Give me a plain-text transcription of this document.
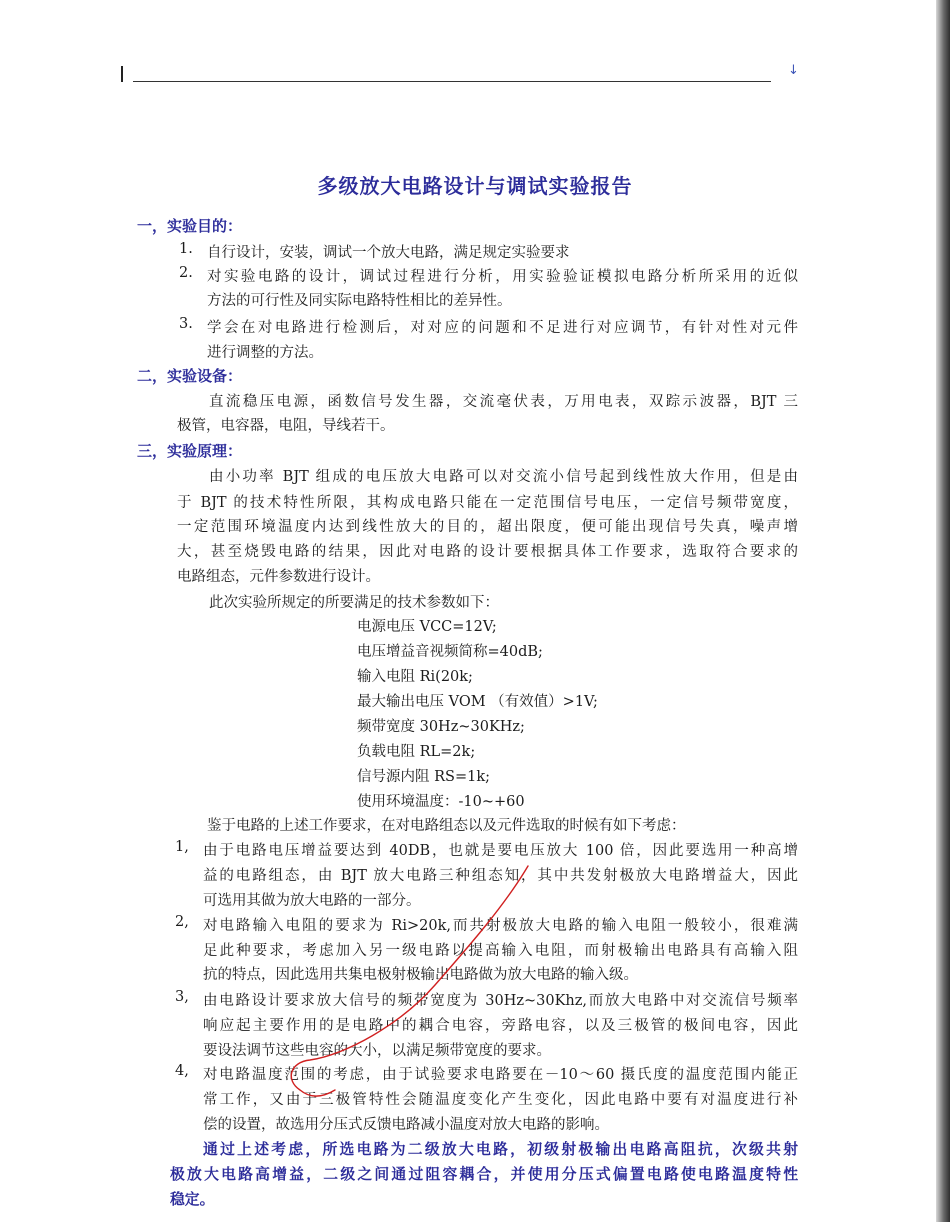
↓
多级放大电路设计与调试实验报告
一，实验目的：
1. 自行设计，安装，调试一个放大电路，满足规定实验要求
2. 对实验电路的设计，调试过程进行分析，用实验验证模拟电路分析所采用的近似
方法的可行性及同实际电路特性相比的差异性。
3. 学会在对电路进行检测后，对对应的问题和不足进行对应调节，有针对性对元件
进行调整的方法。
二，实验设备：
直流稳压电源，函数信号发生器，交流毫伏表，万用电表，双踪示波器，BJT 三
极管，电容器，电阻，导线若干。
三，实验原理：
由小功率 BJT 组成的电压放大电路可以对交流小信号起到线性放大作用，但是由
于 BJT 的技术特性所限，其构成电路只能在一定范围信号电压，一定信号频带宽度，
一定范围环境温度内达到线性放大的目的，超出限度，便可能出现信号失真，噪声增
大，甚至烧毁电路的结果，因此对电路的设计要根据具体工作要求，选取符合要求的
电路组态，元件参数进行设计。
此次实验所规定的所要满足的技术参数如下：
电源电压 VCC=12V;
电压增益音视频简称=40dB;
输入电阻 Ri(20k;
最大输出电压 VOM （有效值）>1V;
频带宽度 30Hz~30KHz;
负载电阻 RL=2k;
信号源内阻 RS=1k;
使用环境温度：-10~+60
鉴于电路的上述工作要求，在对电路组态以及元件选取的时候有如下考虑：
1, 由于电路电压增益要达到 40DB，也就是要电压放大 100 倍，因此要选用一种高增
益的电路组态，由 BJT 放大电路三种组态知，其中共发射极放大电路增益大，因此
可选用其做为放大电路的一部分。
2, 对电路输入电阻的要求为 Ri>20k,而共射极放大电路的输入电阻一般较小，很难满
足此种要求，考虑加入另一级电路以提高输入电阻，而射极输出电路具有高输入阻
抗的特点，因此选用共集电极射极输出电路做为放大电路的输入级。
3, 由电路设计要求放大信号的频带宽度为 30Hz~30Khz,而放大电路中对交流信号频率
响应起主要作用的是电路中的耦合电容，旁路电容，以及三极管的极间电容，因此
要设法调节这些电容的大小，以满足频带宽度的要求。
4, 对电路温度范围的考虑，由于试验要求电路要在－10～60 摄氏度的温度范围内能正
常工作，又由于三极管特性会随温度变化产生变化，因此电路中要有对温度进行补
偿的设置，故选用分压式反馈电路减小温度对放大电路的影响。
通过上述考虑，所选电路为二级放大电路，初级射极输出电路高阻抗，次级共射
极放大电路高增益，二级之间通过阻容耦合，并使用分压式偏置电路使电路温度特性
稳定。
